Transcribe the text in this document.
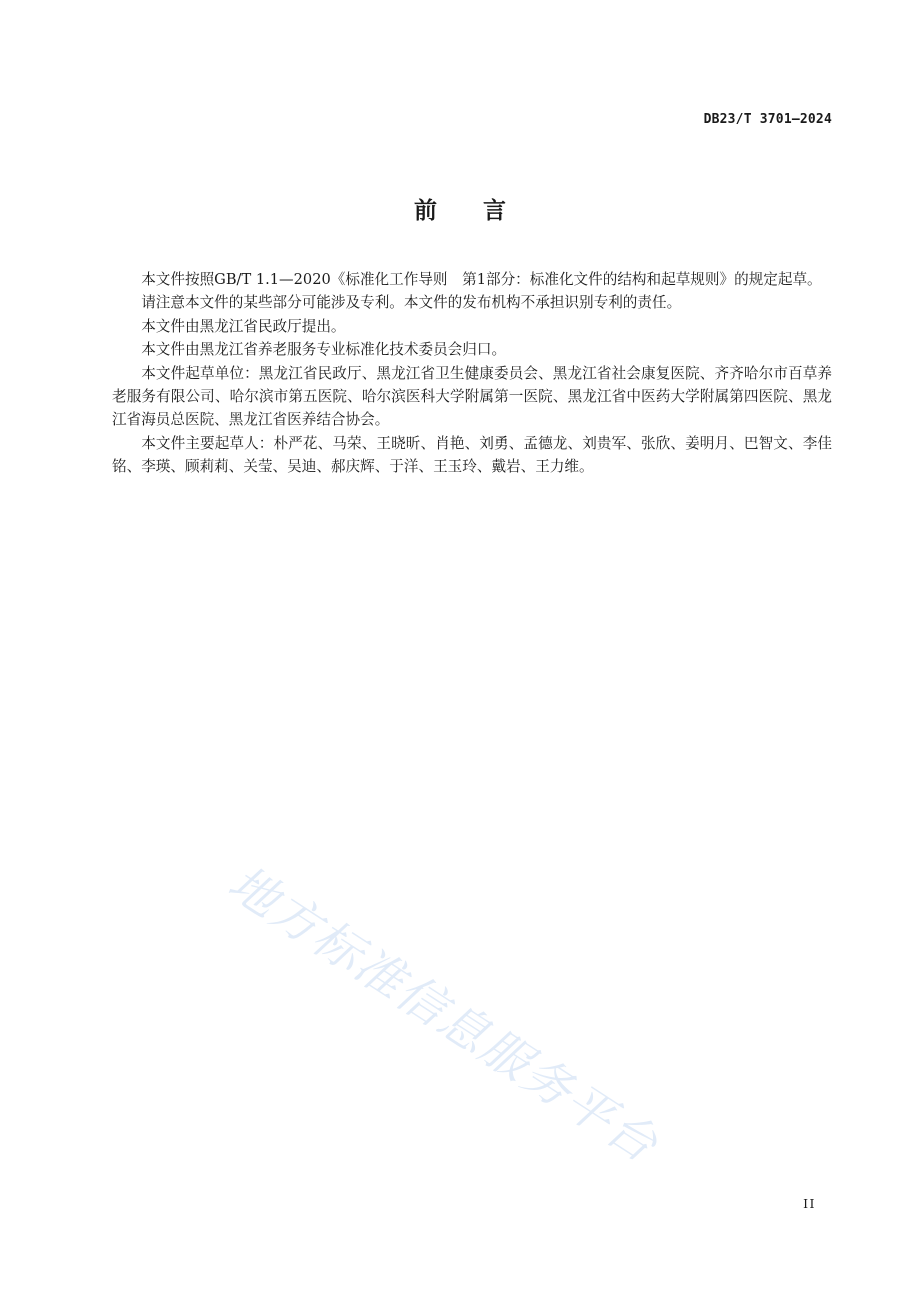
DB23/T 3701—2024
前 言

本文件按照GB/T 1.1—2020《标准化工作导则　第1部分：标准化文件的结构和起草规则》的规定起草。

请注意本文件的某些部分可能涉及专利。本文件的发布机构不承担识别专利的责任。

本文件由黑龙江省民政厅提出。

本文件由黑龙江省养老服务专业标准化技术委员会归口。

本文件起草单位：黑龙江省民政厅、黑龙江省卫生健康委员会、黑龙江省社会康复医院、齐齐哈尔市百草养老服务有限公司、哈尔滨市第五医院、哈尔滨医科大学附属第一医院、黑龙江省中医药大学附属第四医院、黑龙江省海员总医院、黑龙江省医养结合协会。

本文件主要起草人：朴严花、马荣、王晓昕、肖艳、刘勇、孟德龙、刘贵军、张欣、姜明月、巴智文、李佳铭、李瑛、顾莉莉、关莹、吴迪、郝庆辉、于洋、王玉玲、戴岩、王力维。

地方标准信息服务平台
II
